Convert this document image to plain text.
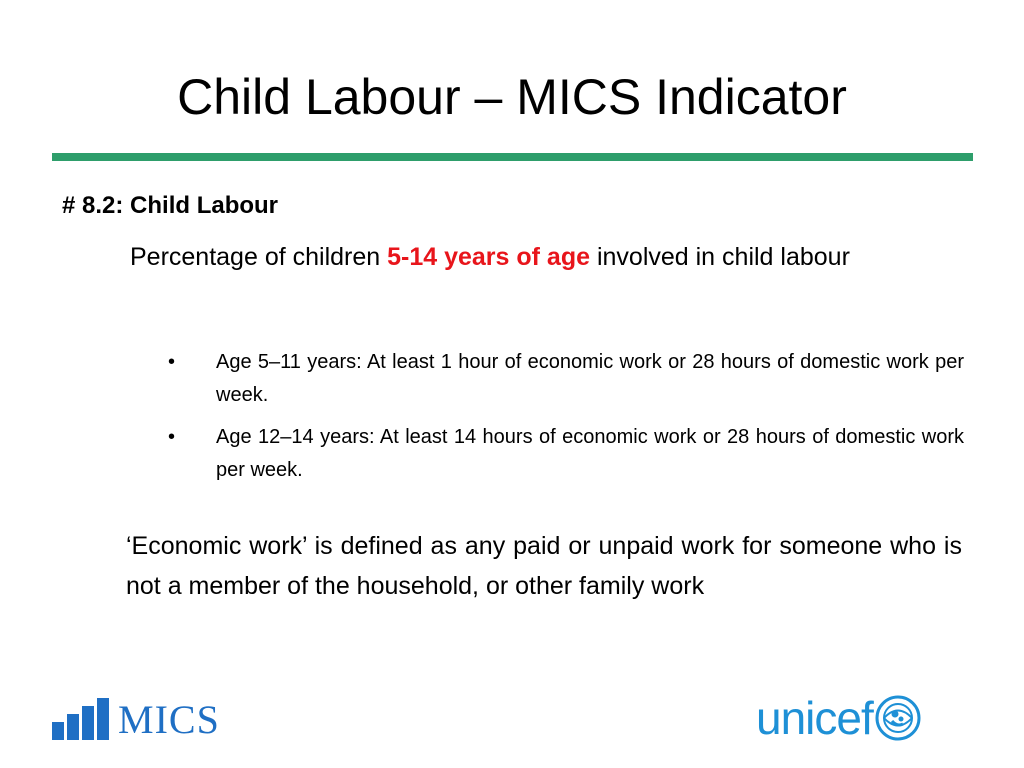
Child Labour – MICS Indicator
# 8.2: Child Labour
Percentage of children 5-14 years of age involved in child labour
• Age 5–11 years: At least 1 hour of economic work or 28 hours of domestic work per week.
• Age 12–14 years: At least 14 hours of economic work or 28 hours of domestic work per week.
‘Economic work’ is defined as any paid or unpaid work for someone who is not a member of the household, or other family work
MICS	unicef
